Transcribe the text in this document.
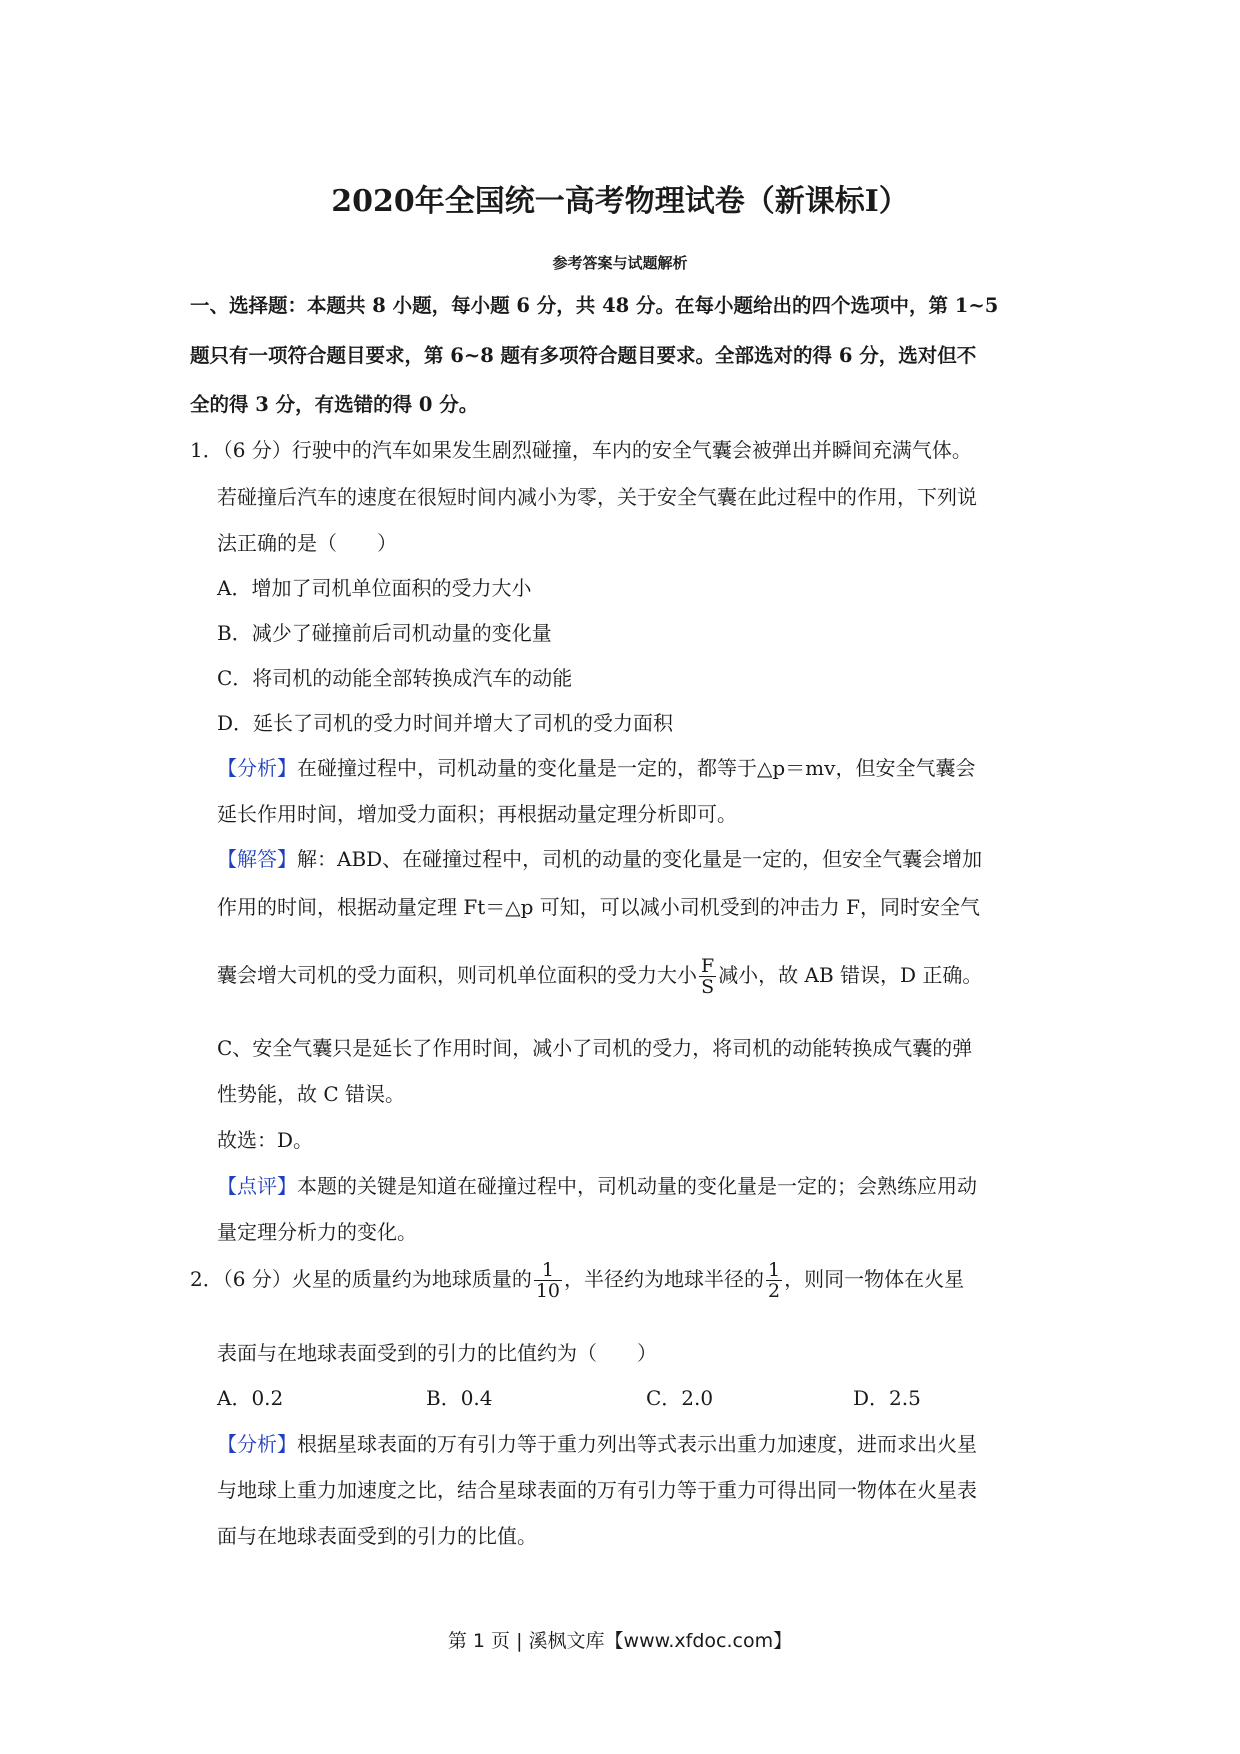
2020年全国统一高考物理试卷（新课标Ⅰ）
参考答案与试题解析
一、选择题：本题共 8 小题，每小题 6 分，共 48 分。在每小题给出的四个选项中，第 1~5
题只有一项符合题目要求，第 6~8 题有多项符合题目要求。全部选对的得 6 分，选对但不
全的得 3 分，有选错的得 0 分。
1．（6 分）行驶中的汽车如果发生剧烈碰撞，车内的安全气囊会被弹出并瞬间充满气体。
若碰撞后汽车的速度在很短时间内减小为零，关于安全气囊在此过程中的作用，下列说
法正确的是（　　）
A．增加了司机单位面积的受力大小
B．减少了碰撞前后司机动量的变化量
C．将司机的动能全部转换成汽车的动能
D．延长了司机的受力时间并增大了司机的受力面积
【分析】在碰撞过程中，司机动量的变化量是一定的，都等于△p＝mv，但安全气囊会
延长作用时间，增加受力面积；再根据动量定理分析即可。
【解答】解：ABD、在碰撞过程中，司机的动量的变化量是一定的，但安全气囊会增加
作用的时间，根据动量定理 Ft＝△p 可知，可以减小司机受到的冲击力 F，同时安全气
囊会增大司机的受力面积，则司机单位面积的受力大小 $\frac{F}{S}$ 减小，故 AB 错误，D 正确。
C、安全气囊只是延长了作用时间，减小了司机的受力，将司机的动能转换成气囊的弹
性势能，故 C 错误。
故选：D。
【点评】本题的关键是知道在碰撞过程中，司机动量的变化量是一定的；会熟练应用动
量定理分析力的变化。
2．（6 分）火星的质量约为地球质量的 $\frac{1}{10}$ ，半径约为地球半径的 $\frac{1}{2}$ ，则同一物体在火星
表面与在地球表面受到的引力的比值约为（　　）
A．0.2	B．0.4	C．2.0	D．2.5
【分析】根据星球表面的万有引力等于重力列出等式表示出重力加速度，进而求出火星
与地球上重力加速度之比，结合星球表面的万有引力等于重力可得出同一物体在火星表
面与在地球表面受到的引力的比值。
第 1 页 | 溪枫文库【www.xfdoc.com】
